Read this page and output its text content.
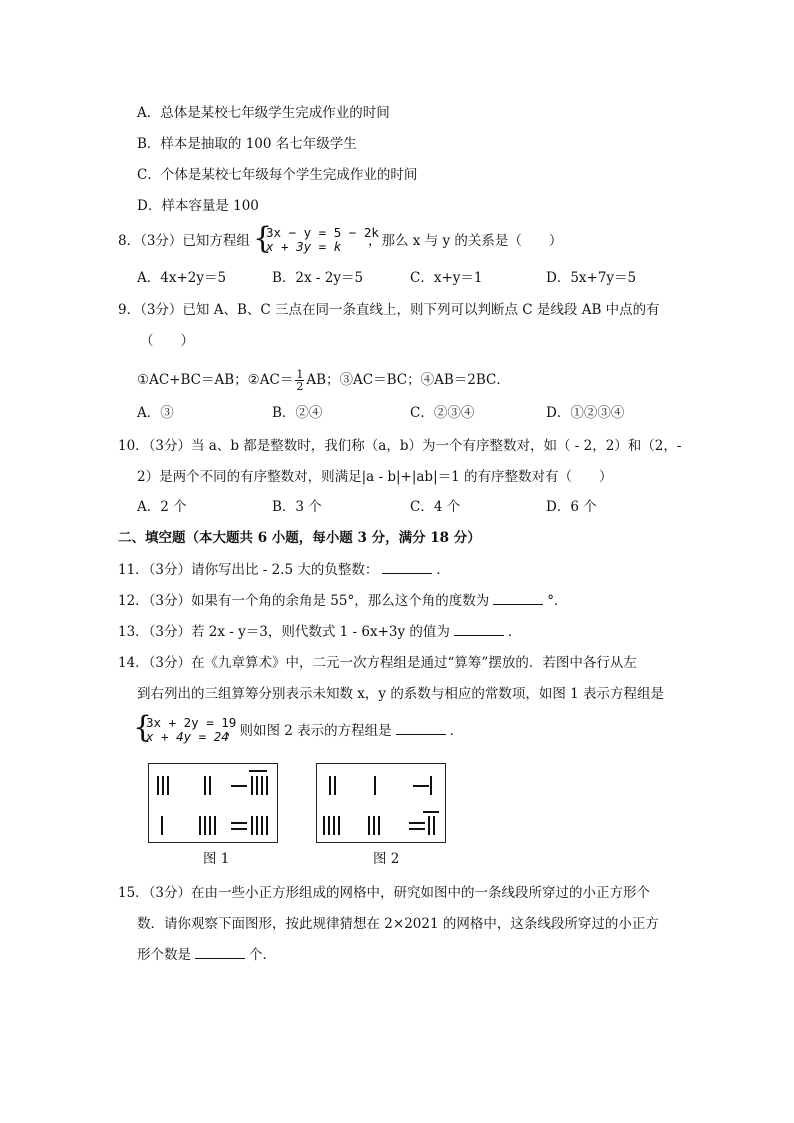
A．总体是某校七年级学生完成作业的时间
B．样本是抽取的 100 名七年级学生
C．个体是某校七年级每个学生完成作业的时间
D．样本容量是 100
8．（3分）已知方程组 {
3x − y = 5 − 2k
x + 3y = k ，那么 x 与 y 的关系是（　　）
A．4x+2y＝5	B．2x - 2y＝5	C．x+y＝1	D．5x+7y＝5
9．（3分）已知 A、B、C 三点在同一条直线上，则下列可以判断点 C 是线段 AB 中点的有
（　　）
①AC+BC＝AB；②AC＝ $\frac{1}{2}$ AB；③AC＝BC；④AB＝2BC．
A．③	B．②④	C．②③④	D．①②③④
10．（3分）当 a、b 都是整数时，我们称（a，b）为一个有序整数对，如（ - 2，2）和（2，-
2）是两个不同的有序整数对，则满足|a - b|+|ab|＝1 的有序整数对有（　　）
A．2 个	B．3 个	C．4 个	D．6 个
二、填空题（本大题共 6 小题，每小题 3 分，满分 18 分）
11．（3分）请你写出比 - 2.5 大的负整数：	．
12．（3分）如果有一个角的余角是 55°，那么这个角的度数为	°．
13．（3分）若 2x - y＝3，则代数式 1 - 6x+3y 的值为	．
14．（3分）在《九章算术》中，二元一次方程组是通过“算筹”摆放的．若图中各行从左
到右列出的三组算筹分别表示未知数 x，y 的系数与相应的常数项，如图 1 表示方程组是
{
3x + 2y = 19
x + 4y = 24
，则如图 2 表示的方程组是	．
图 1	图 2
15．（3分）在由一些小正方形组成的网格中，研究如图中的一条线段所穿过的小正方形个
数．请你观察下面图形，按此规律猜想在 2×2021 的网格中，这条线段所穿过的小正方
形个数是	个．
